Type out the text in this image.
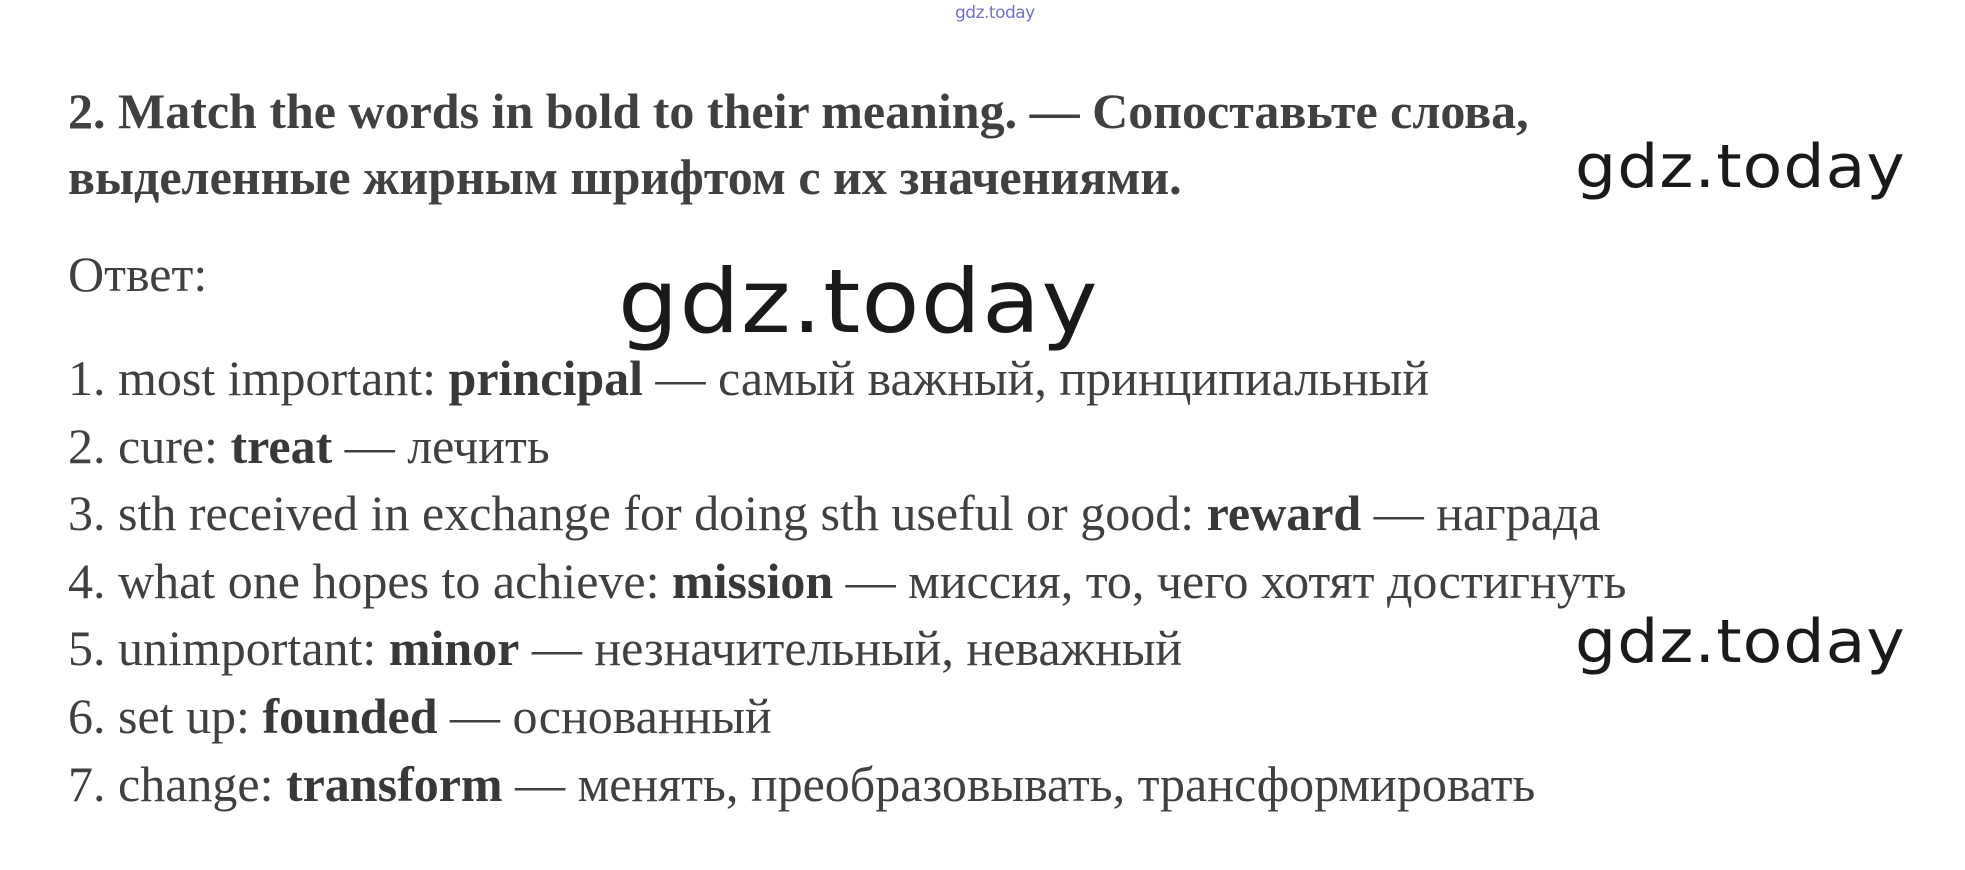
gdz.today
2. Match the words in bold to their meaning. — Сопоставьте слова,
выделенные жирным шрифтом с их значениями.
Ответ:
1. most important: principal — самый важный, принципиальный
2. cure: treat — лечить
3. sth received in exchange for doing sth useful or good: reward — награда
4. what one hopes to achieve: mission — миссия, то, чего хотят достигнуть
5. unimportant: minor — незначительный, неважный
6. set up: founded — основанный
7. change: transform — менять, преобразовывать, трансформировать
gdz.today
gdz.today
gdz.today
